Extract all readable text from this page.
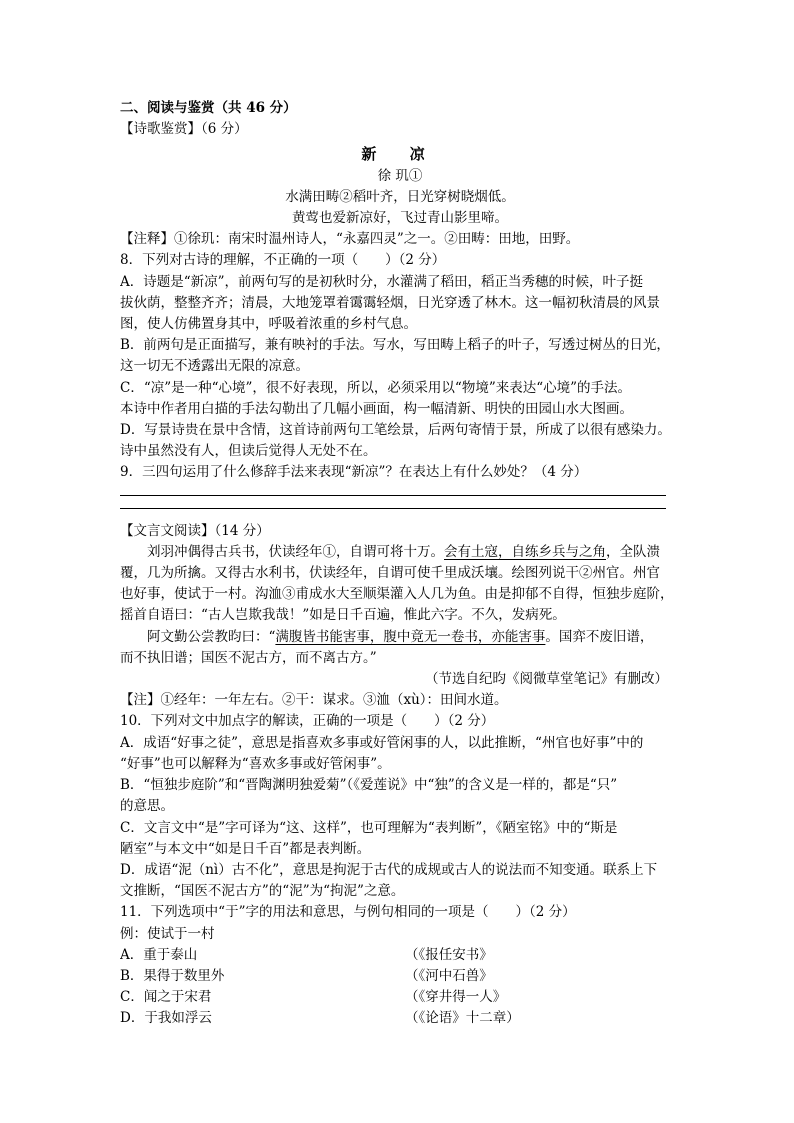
二、阅读与鉴赏（共 46 分）
【诗歌鉴赏】（6 分）
新 凉
徐 玑①
水满田畴②稻叶齐，日光穿树晓烟低。
黄莺也爱新凉好，飞过青山影里啼。
【注释】①徐玑：南宋时温州诗人，“永嘉四灵”之一。②田畴：田地，田野。
8．下列对古诗的理解，不正确的一项（　　）（2 分）
A．诗题是“新凉”，前两句写的是初秋时分，水灌满了稻田，稻正当秀穗的时候，叶子挺
拔伙荫，整整齐齐；清晨，大地笼罩着霭霭轻烟，日光穿透了林木。这一幅初秋清晨的风景
图，使人仿佛置身其中，呼吸着浓重的乡村气息。
B．前两句是正面描写，兼有映衬的手法。写水，写田畴上稻子的叶子，写透过树丛的日光，
这一切无不透露出无限的凉意。
C．“凉”是一种“心境”，很不好表现，所以，必须采用以“物境”来表达“心境”的手法。
本诗中作者用白描的手法勾勒出了几幅小画面，构一幅清新、明快的田园山水大图画。
D．写景诗贵在景中含情，这首诗前两句工笔绘景，后两句寄情于景，所成了以很有感染力。
诗中虽然没有人，但读后觉得人无处不在。
9．三四句运用了什么修辞手法来表现“新凉”？在表达上有什么妙处？（4 分）
【文言文阅读】（14 分）
刘羽冲偶得古兵书，伏读经年①，自谓可将十万。会有土寇，自练乡兵与之角，全队溃
覆，几为所擒。又得古水利书，伏读经年，自谓可使千里成沃壤。绘图列说干②州官。州官
也好事，使试于一村。沟洫③甫成水大至顺渠灌入人几为鱼。由是抑郁不自得，恒独步庭阶，
摇首自语曰：“古人岂欺我哉！”如是日千百遍，惟此六字。不久，发病死。
阿文勤公尝教昀曰：“满腹皆书能害事，腹中竟无一卷书，亦能害事。国弈不废旧谱，
而不执旧谱；国医不泥古方，而不离古方。”
（节选自纪昀《阅微草堂笔记》有删改）
【注】①经年：一年左右。②干：谋求。③洫（xù）：田间水道。
10．下列对文中加点字的解读，正确的一项是（　　）（2 分）
A．成语“好事之徒”，意思是指喜欢多事或好管闲事的人，以此推断，“州官也好事”中的
“好事”也可以解释为“喜欢多事或好管闲事”。
B．“恒独步庭阶”和“晋陶渊明独爱菊”（《爱莲说》中“独”的含义是一样的，都是“只”
的意思。
C．文言文中“是”字可译为“这、这样”，也可理解为“表判断”，《陋室铭》中的“斯是
陋室”与本文中“如是日千百”都是表判断。
D．成语“泥（nì）古不化”，意思是拘泥于古代的成规或古人的说法而不知变通。联系上下
文推断，“国医不泥古方”的“泥”为“拘泥”之意。
11．下列选项中“于”字的用法和意思，与例句相同的一项是（　　）（2 分）
例：使试于一村
A．重于泰山	（《报任安书》
B．果得于数里外	（《河中石兽》
C．闻之于宋君	（《穿井得一人》
D．于我如浮云	（《论语》十二章）
